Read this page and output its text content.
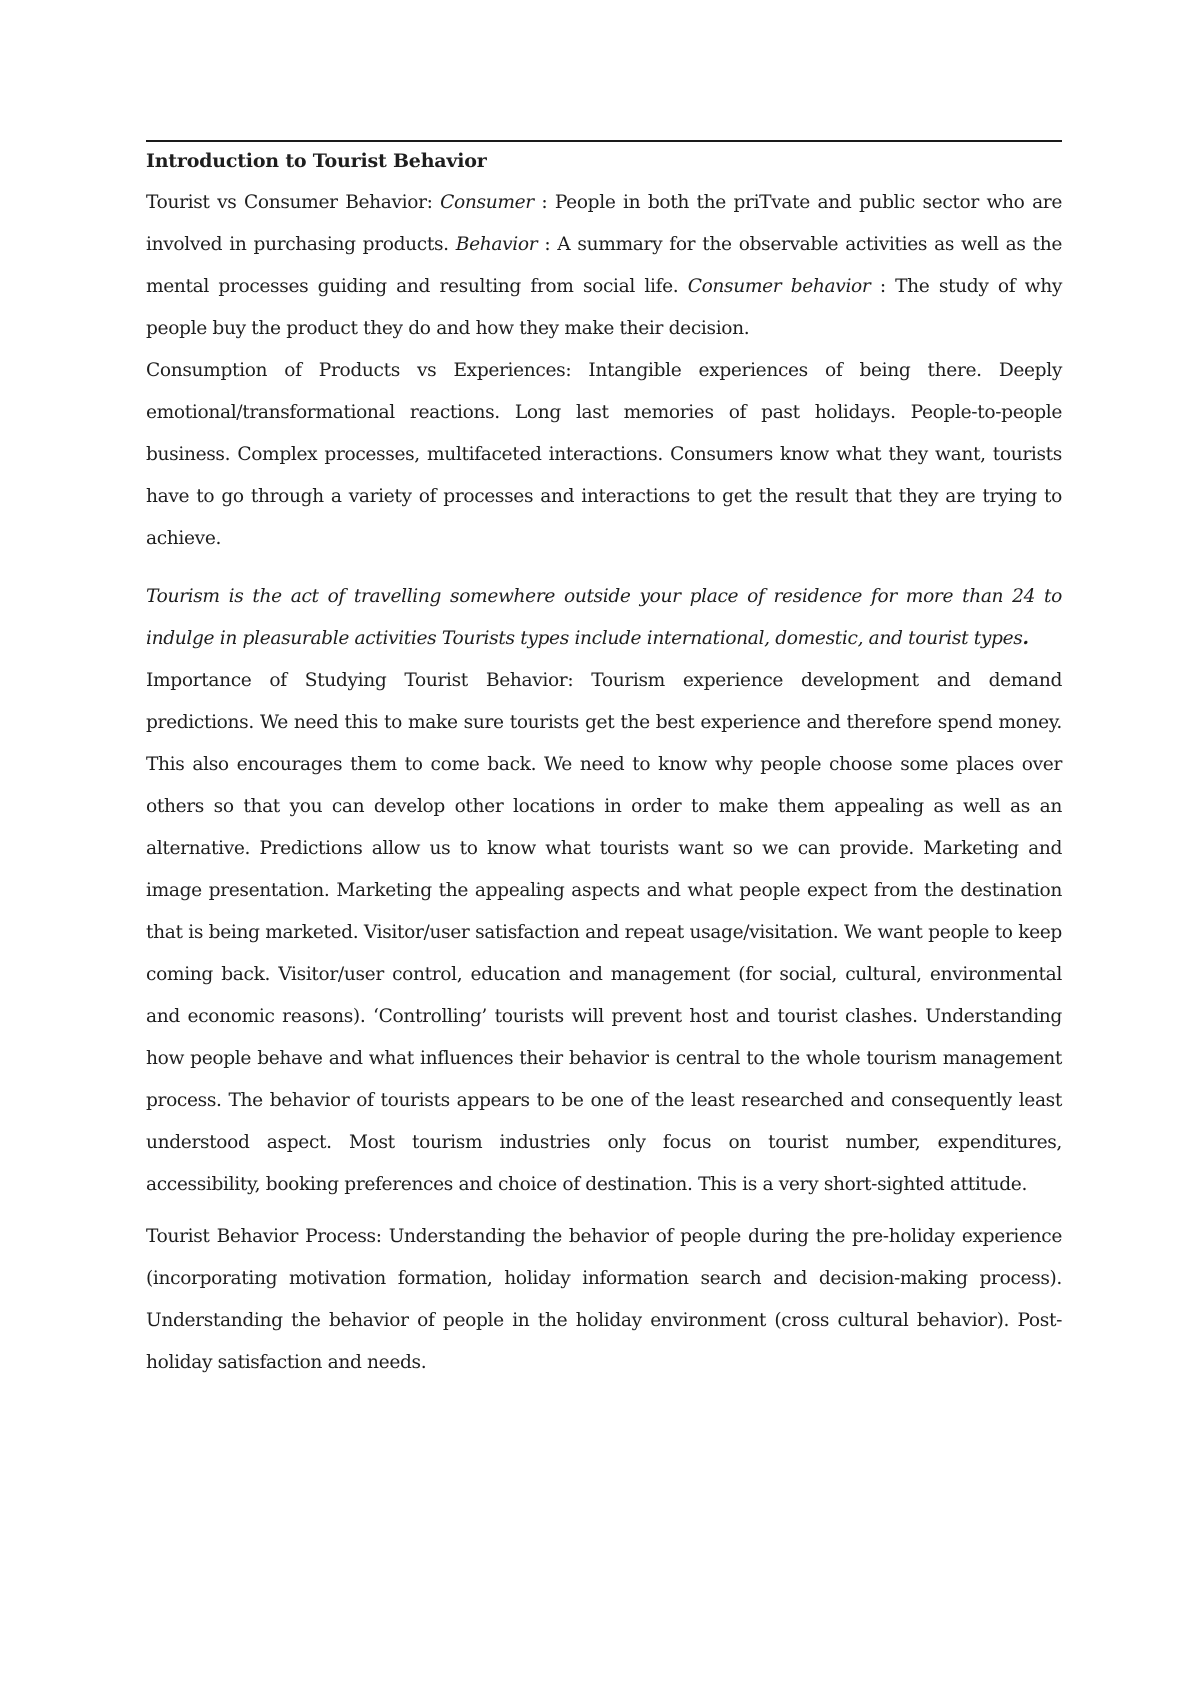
Introduction to Tourist Behavior

Tourist vs Consumer Behavior: Consumer : People in both the priTvate and public sector who are involved in purchasing products. Behavior : A summary for the observable activities as well as the mental processes guiding and resulting from social life. Consumer behavior : The study of why people buy the product they do and how they make their decision.

Consumption of Products vs Experiences: Intangible experiences of being there. Deeply emotional/transformational reactions. Long last memories of past holidays. People-to-people business. Complex processes, multifaceted interactions. Consumers know what they want, tourists have to go through a variety of processes and interactions to get the result that they are trying to achieve.

Tourism is the act of travelling somewhere outside your place of residence for more than 24 to indulge in pleasurable activities Tourists types include international, domestic, and tourist types.

Importance of Studying Tourist Behavior: Tourism experience development and demand predictions. We need this to make sure tourists get the best experience and therefore spend money. This also encourages them to come back. We need to know why people choose some places over others so that you can develop other locations in order to make them appealing as well as an alternative. Predictions allow us to know what tourists want so we can provide. Marketing and image presentation. Marketing the appealing aspects and what people expect from the destination that is being marketed. Visitor/user satisfaction and repeat usage/visitation. We want people to keep coming back. Visitor/user control, education and management (for social, cultural, environmental and economic reasons). ‘Controlling’ tourists will prevent host and tourist clashes. Understanding how people behave and what influences their behavior is central to the whole tourism management process. The behavior of tourists appears to be one of the least researched and consequently least understood aspect. Most tourism industries only focus on tourist number, expenditures, accessibility, booking preferences and choice of destination. This is a very short-sighted attitude.

Tourist Behavior Process: Understanding the behavior of people during the pre-holiday experience (incorporating motivation formation, holiday information search and decision-making process). Understanding the behavior of people in the holiday environment (cross cultural behavior). Post-holiday satisfaction and needs.
